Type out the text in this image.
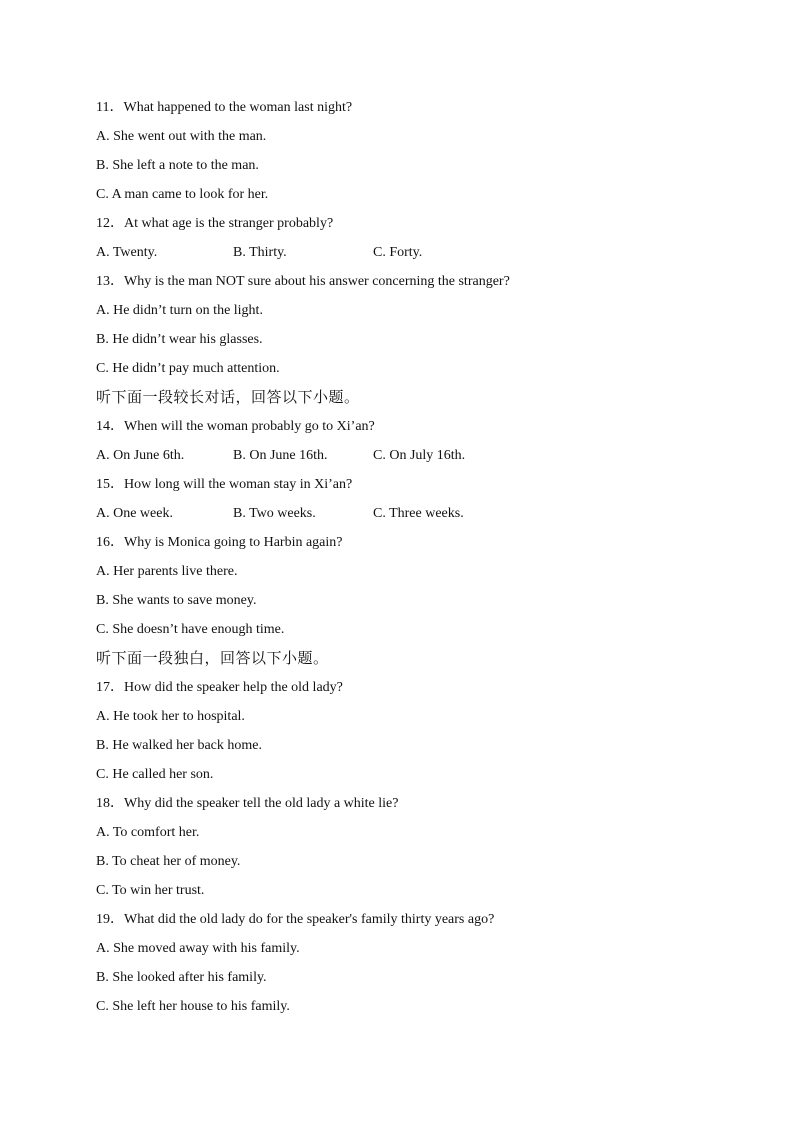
11．What happened to the woman last night?
A. She went out with the man.
B. She left a note to the man.
C. A man came to look for her.
12．At what age is the stranger probably?

A. Twenty.

	B. Thirty.

	C. Forty.

13．Why is the man NOT sure about his answer concerning the stranger?
A. He didn’t turn on the light.
B. He didn’t wear his glasses.
C. He didn’t pay much attention.
听下面一段较长对话，回答以下小题。
14．When will the woman probably go to Xi’an?

A. On June 6th.

	B. On June 16th.

	C. On July 16th.

15．How long will the woman stay in Xi’an?

A. One week.

	B. Two weeks.

	C. Three weeks.

16．Why is Monica going to Harbin again?
A. Her parents live there.
B. She wants to save money.
C. She doesn’t have enough time.
听下面一段独白，回答以下小题。
17．How did the speaker help the old lady?
A. He took her to hospital.
B. He walked her back home.
C. He called her son.
18．Why did the speaker tell the old lady a white lie?
A. To comfort her.
B. To cheat her of money.
C. To win her trust.
19．What did the old lady do for the speaker's family thirty years ago?
A. She moved away with his family.
B. She looked after his family.
C. She left her house to his family.
